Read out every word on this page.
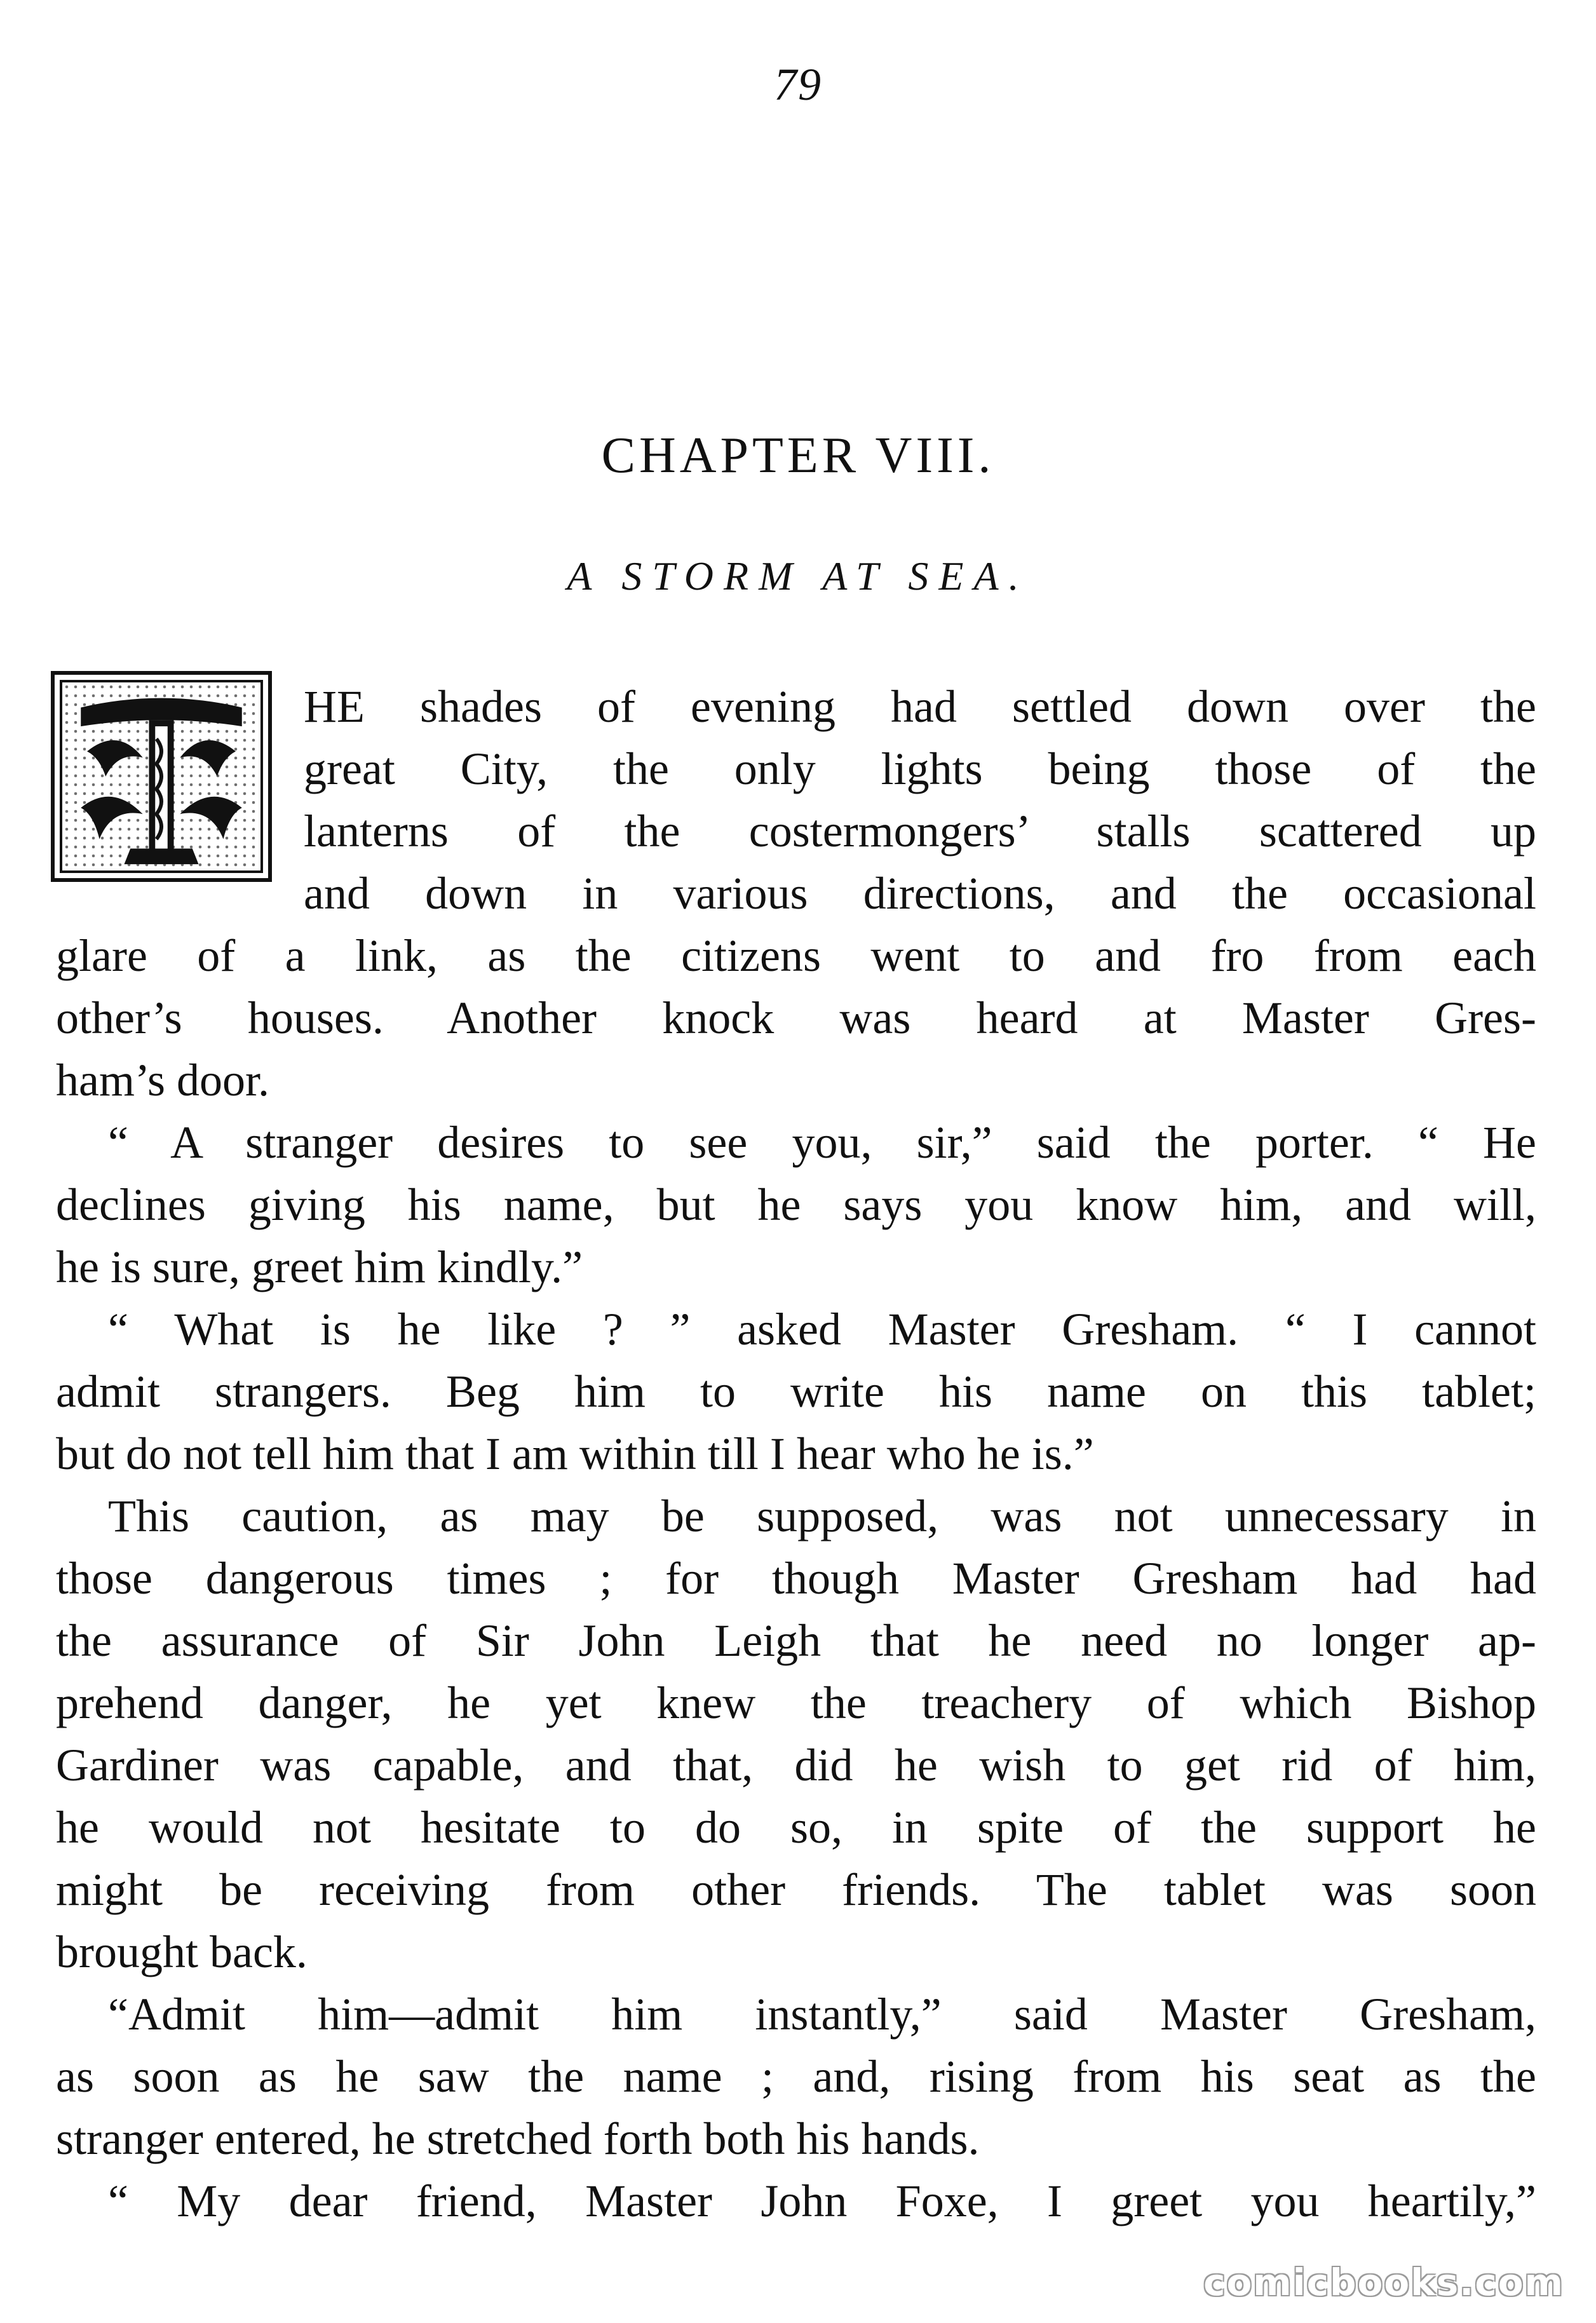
79
CHAPTER VIII.
A STORM AT SEA.
HE shades of evening had settled down over the
great City, the only lights being those of the
lanterns of the costermongers’ stalls scattered up
and down in various directions, and the occasional
glare of a link, as the citizens went to and fro from each
other’s houses. Another knock was heard at Master Gres-
ham’s door.
“ A stranger desires to see you, sir,” said the porter. “ He
declines giving his name, but he says you know him, and will,
he is sure, greet him kindly.”
“ What is he like ? ” asked Master Gresham. “ I cannot
admit strangers. Beg him to write his name on this tablet;
but do not tell him that I am within till I hear who he is.”
This caution, as may be supposed, was not unnecessary in
those dangerous times ; for though Master Gresham had had
the assurance of Sir John Leigh that he need no longer ap-
prehend danger, he yet knew the treachery of which Bishop
Gardiner was capable, and that, did he wish to get rid of him,
he would not hesitate to do so, in spite of the support he
might be receiving from other friends. The tablet was soon
brought back.
“Admit him—admit him instantly,” said Master Gresham,
as soon as he saw the name ; and, rising from his seat as the
stranger entered, he stretched forth both his hands.
“ My dear friend, Master John Foxe, I greet you heartily,”
comicbooks.com
